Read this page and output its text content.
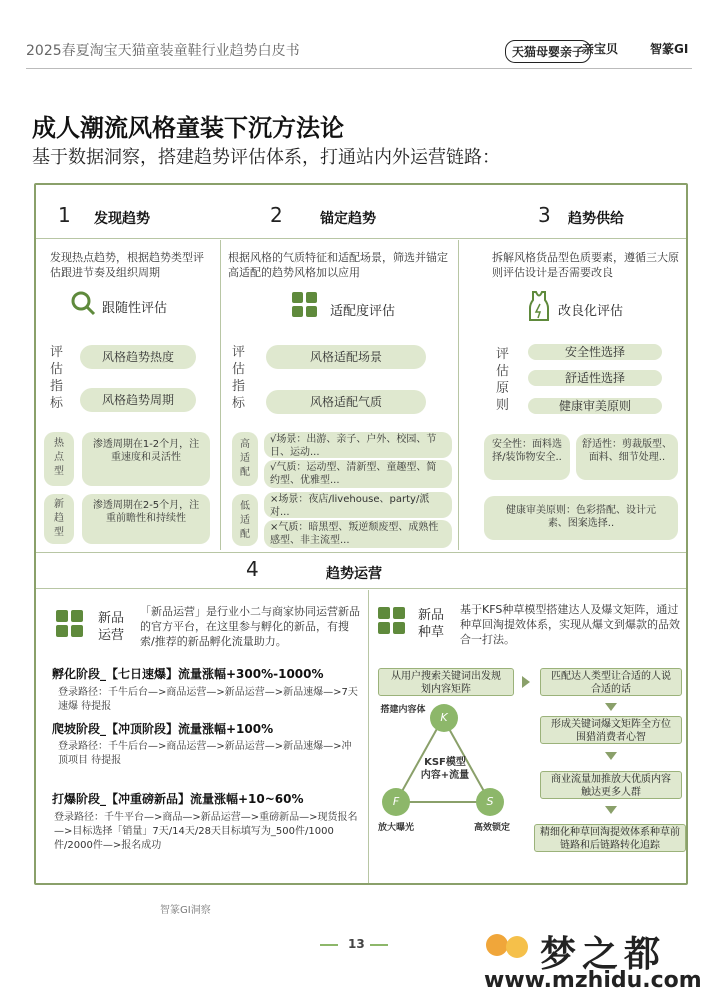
2025春夏淘宝天猫童装童鞋行业趋势白皮书	天猫母婴亲子
亲宝贝	智篆GI
成人潮流风格童装下沉方法论
基于数据洞察，搭建趋势评估体系，打通站内外运营链路：
1 发现趋势	2	锚定趋势	3 趋势供给
发现热点趋势，根据趋势类型评估跟进节奏及组织周期
跟随性评估
评估指标
风格趋势热度
风格趋势周期
热点型
渗透周期在1-2个月，注重速度和灵活性
新趋型
渗透周期在2-5个月，注重前瞻性和持续性
根据风格的气质特征和适配场景，筛选并锚定高适配的趋势风格加以应用
适配度评估
评估指标
风格适配场景
风格适配气质
高适配
√场景：出游、亲子、户外、校园、节日、运动...
√气质：运动型、清新型、童趣型、简约型、优雅型...
低适配
×场景：夜店/livehouse、party/派对...
×气质：暗黑型、叛逆颓废型、成熟性感型、非主流型...
拆解风格货品型色质要素，遵循三大原则评估设计是否需要改良
改良化评估
评估原则
安全性选择
舒适性选择
健康审美原则
安全性：面料选择/装饰物安全..
舒适性：剪裁版型、面料、细节处理..
健康审美原则：色彩搭配、设计元素、图案选择..
4	趋势运营
新品运营
「新品运营」是行业小二与商家协同运营新品的官方平台，在这里参与孵化的新品，有搜索/推荐的新品孵化流量助力。
孵化阶段_【七日速爆】流量涨幅+300%-1000%
登录路径：千牛后台—>商品运营—>新品运营—>新品速爆—>7天速爆 待提报
爬坡阶段_【冲顶阶段】流量涨幅+100%
登录路径：千牛后台—>商品运营—>新品运营—>新品速爆—>冲顶项目 待提报
打爆阶段_【冲重磅新品】流量涨幅+10~60%
登录路径：千牛平台—>商品—>新品运营—>重磅新品—>现货报名—>目标选择「销量」7天/14天/28天目标填写为_500件/1000件/2000件—>报名成功
新品种草
基于KFS种草模型搭建达人及爆文矩阵，通过种草回淘提效体系，实现从爆文到爆款的品效合一打法。
从用户搜索关键词出发规划内容矩阵
匹配达人类型让合适的人说合适的话
形成关键词爆文矩阵全方位围猎消费者心智
商业流量加推放大优质内容触达更多人群
精细化种草回淘提效体系种草前链路和后链路转化追踪
K
F	S
搭建内容体
放大曝光	高效锁定
KSF模型
内容+流量
智篆GI洞察
13	梦之都
www.mzhidu.com
